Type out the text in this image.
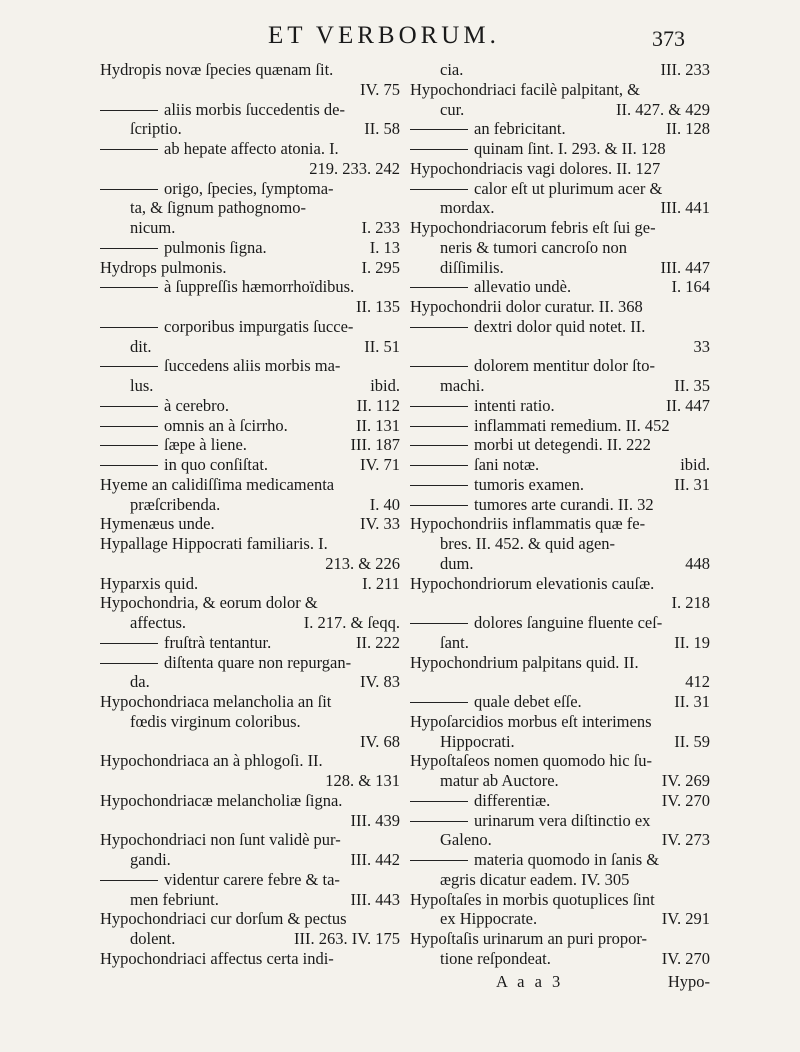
ET VERBORUM.	373
Hydropis novæ ſpecies quænam ſit.
IV. 75
aliis morbis ſuccedentis de-
ſcriptio.	II. 58
ab hepate affecto atonia. I.
219. 233. 242
origo, ſpecies, ſymptoma-
ta, & ſignum pathognomo-
nicum.	I. 233
pulmonis ſigna.	I. 13
Hydrops pulmonis.	I. 295
à ſuppreſſis hæmorrhoïdibus.
II. 135
corporibus impurgatis ſucce-
dit.	II. 51
ſuccedens aliis morbis ma-
lus.	ibid.
à cerebro.	II. 112
omnis an à ſcirrho.	II. 131
ſæpe à liene.	III. 187
in quo conſiſtat.	IV. 71
Hyeme an calidiſſima medicamenta
præſcribenda.	I. 40
Hymenæus unde.	IV. 33
Hypallage Hippocrati familiaris. I.
213. & 226
Hyparxis quid.	I. 211
Hypochondria, & eorum dolor &
affectus.	I. 217. & ſeqq.
fruſtrà tentantur.	II. 222
diſtenta quare non repurgan-
da.	IV. 83
Hypochondriaca melancholia an ſit
fœdis virginum coloribus.
IV. 68
Hypochondriaca an à phlogoſi. II.
128. & 131
Hypochondriacæ melancholiæ ſigna.
III. 439
Hypochondriaci non ſunt validè pur-
gandi.	III. 442
videntur carere febre & ta-
men febriunt.	III. 443
Hypochondriaci cur dorſum & pectus
dolent.	III. 263. IV. 175
Hypochondriaci affectus certa indi-
cia.	III. 233
Hypochondriaci facilè palpitant, &
cur.	II. 427. & 429
an febricitant.	II. 128
quinam ſint. I. 293. & II. 128
Hypochondriacis vagi dolores. II. 127
calor eſt ut plurimum acer &
mordax.	III. 441
Hypochondriacorum febris eſt ſui ge-
neris & tumori cancroſo non
diſſimilis.	III. 447
allevatio undè.	I. 164
Hypochondrii dolor curatur. II. 368
dextri dolor quid notet. II.
33
dolorem mentitur dolor ſto-
machi.	II. 35
intenti ratio.	II. 447
inflammati remedium. II. 452
morbi ut detegendi. II. 222
ſani notæ.	ibid.
tumoris examen.	II. 31
tumores arte curandi. II. 32
Hypochondriis inflammatis quæ fe-
bres. II. 452. & quid agen-
dum.	448
Hypochondriorum elevationis cauſæ.
I. 218
dolores ſanguine fluente ceſ-
ſant.	II. 19
Hypochondrium palpitans quid. II.
412
quale debet eſſe.	II. 31
Hypoſarcidios morbus eſt interimens
Hippocrati.	II. 59
Hypoſtaſeos nomen quomodo hic ſu-
matur ab Auctore.	IV. 269
differentiæ.	IV. 270
urinarum vera diſtinctio ex
Galeno.	IV. 273
materia quomodo in ſanis &
ægris dicatur eadem. IV. 305
Hypoſtaſes in morbis quotuplices ſint
ex Hippocrate.	IV. 291
Hypoſtaſis urinarum an puri propor-
tione reſpondeat.	IV. 270
A a a 3	Hypo-
